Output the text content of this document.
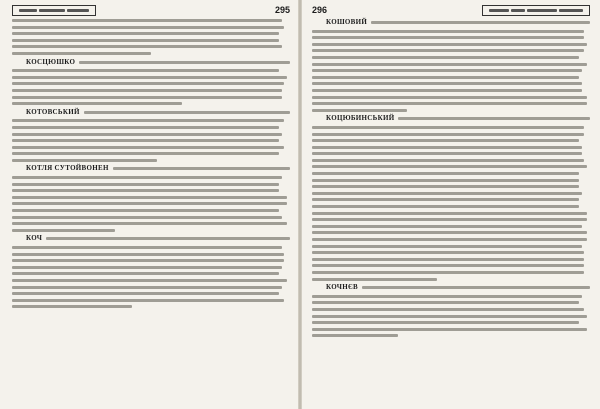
295
КОСЦЮШКО
КОТОВСЬКИЙ
КОТЛЯ СУТОЙВОНЕН
КОЧ
296
КОШОВИЙ
КОЦЮБИНСЬКИЙ
КОЧНЄВ
